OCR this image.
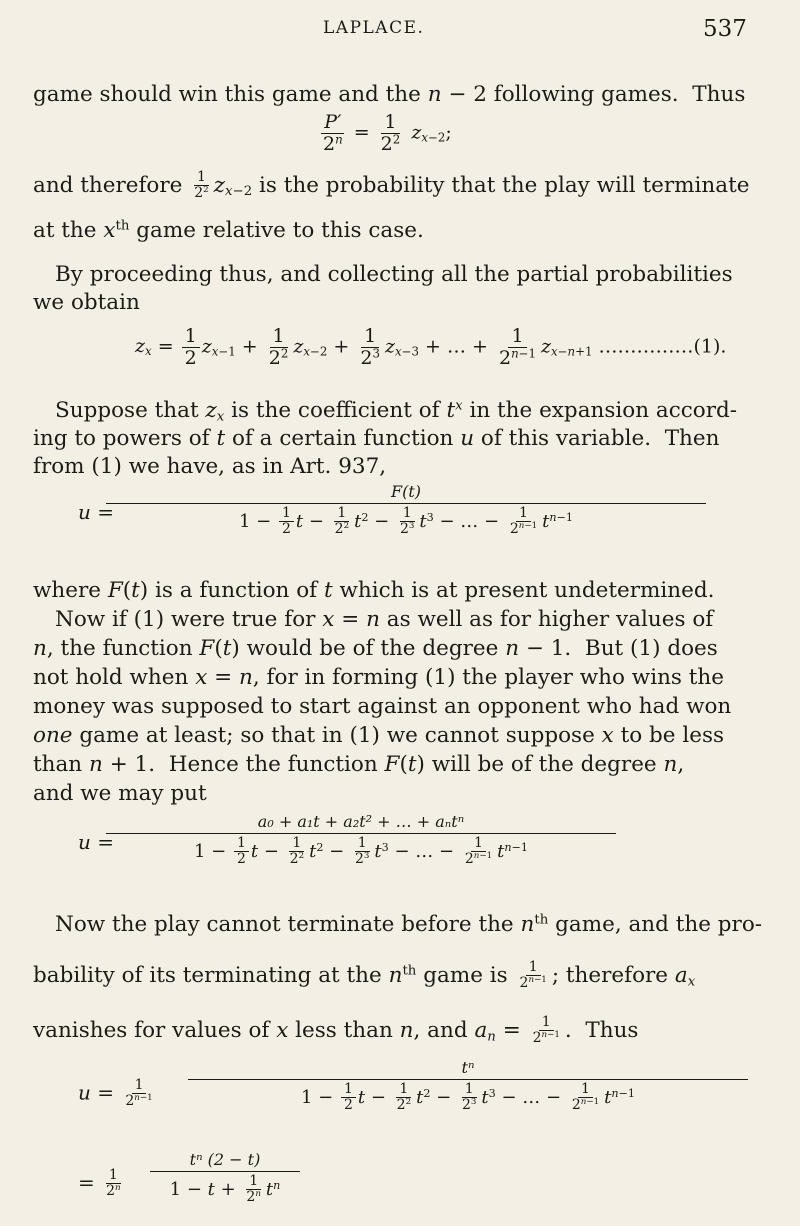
LAPLACE.	537
game should win this game and the n − 2 following games.  Thus
$\frac{P'}{2^n} = \frac{1}{2^2} z_{x-2}$;
and therefore $\frac{1}{2^2} z_{x-2}$ is the probability that the play will terminate
at the $x^{th}$ game relative to this case.
By proceeding thus, and collecting all the partial probabilities
we obtain
$z_x = \frac{1}{2} z_{x-1} + \frac{1}{2^2} z_{x-2} + \frac{1}{2^3} z_{x-3}$ + … + $\frac{1}{2^{n-1}} z_{x-n+1}$ ……………(1).
Suppose that $z_x$ is the coefficient of $t^x$ in the expansion accord-
ing to powers of t of a certain function u of this variable.  Then
from (1) we have, as in Art. 937,
u =
$\frac{F(t)}{1 - \frac{1}{2} t - \frac{1}{2^2} t^2 - \frac{1}{2^3} t^3 - \dots - \frac{1}{2^{n-1}} t^{n-1}}$
where F(t) is a function of t which is at present undetermined.
Now if (1) were true for x = n as well as for higher values of
n, the function F(t) would be of the degree n − 1.  But (1) does
not hold when x = n, for in forming (1) the player who wins the
money was supposed to start against an opponent who had won
one game at least; so that in (1) we cannot suppose x to be less
than n + 1.  Hence the function F(t) will be of the degree n,
and we may put
u =
a₀ + a₁t + a₂t² + … + aₙtⁿ
$1 - \frac{1}{2}$ $t - \frac{1}{2^2} t^2 - \frac{1}{2^3} t^3$ − … − $\frac{1}{2^{n-1}} t^{n-1}$
Now the play cannot terminate before the $n^{th}$ game, and the pro-
bability of its terminating at the $n^{th}$ game is $\frac{1}{2^{n-1}}$ ; therefore $a_x$
vanishes for values of x less than n, and $a_n = \frac{1}{2^{n-1}}$ .  Thus
$u = \frac{1}{2^{n-1}} \frac{\text{tⁿ}}{1 - \frac{1}{2} t - \frac{1}{2^2} t^2 - \frac{1}{2^3} t^3 - \dots - \frac{1}{2^{n-1}} t^{n-1}}$
= $\frac{1}{2^n}$
tⁿ (2 − t)
$1 - t + \frac{1}{2^n} t^n$
